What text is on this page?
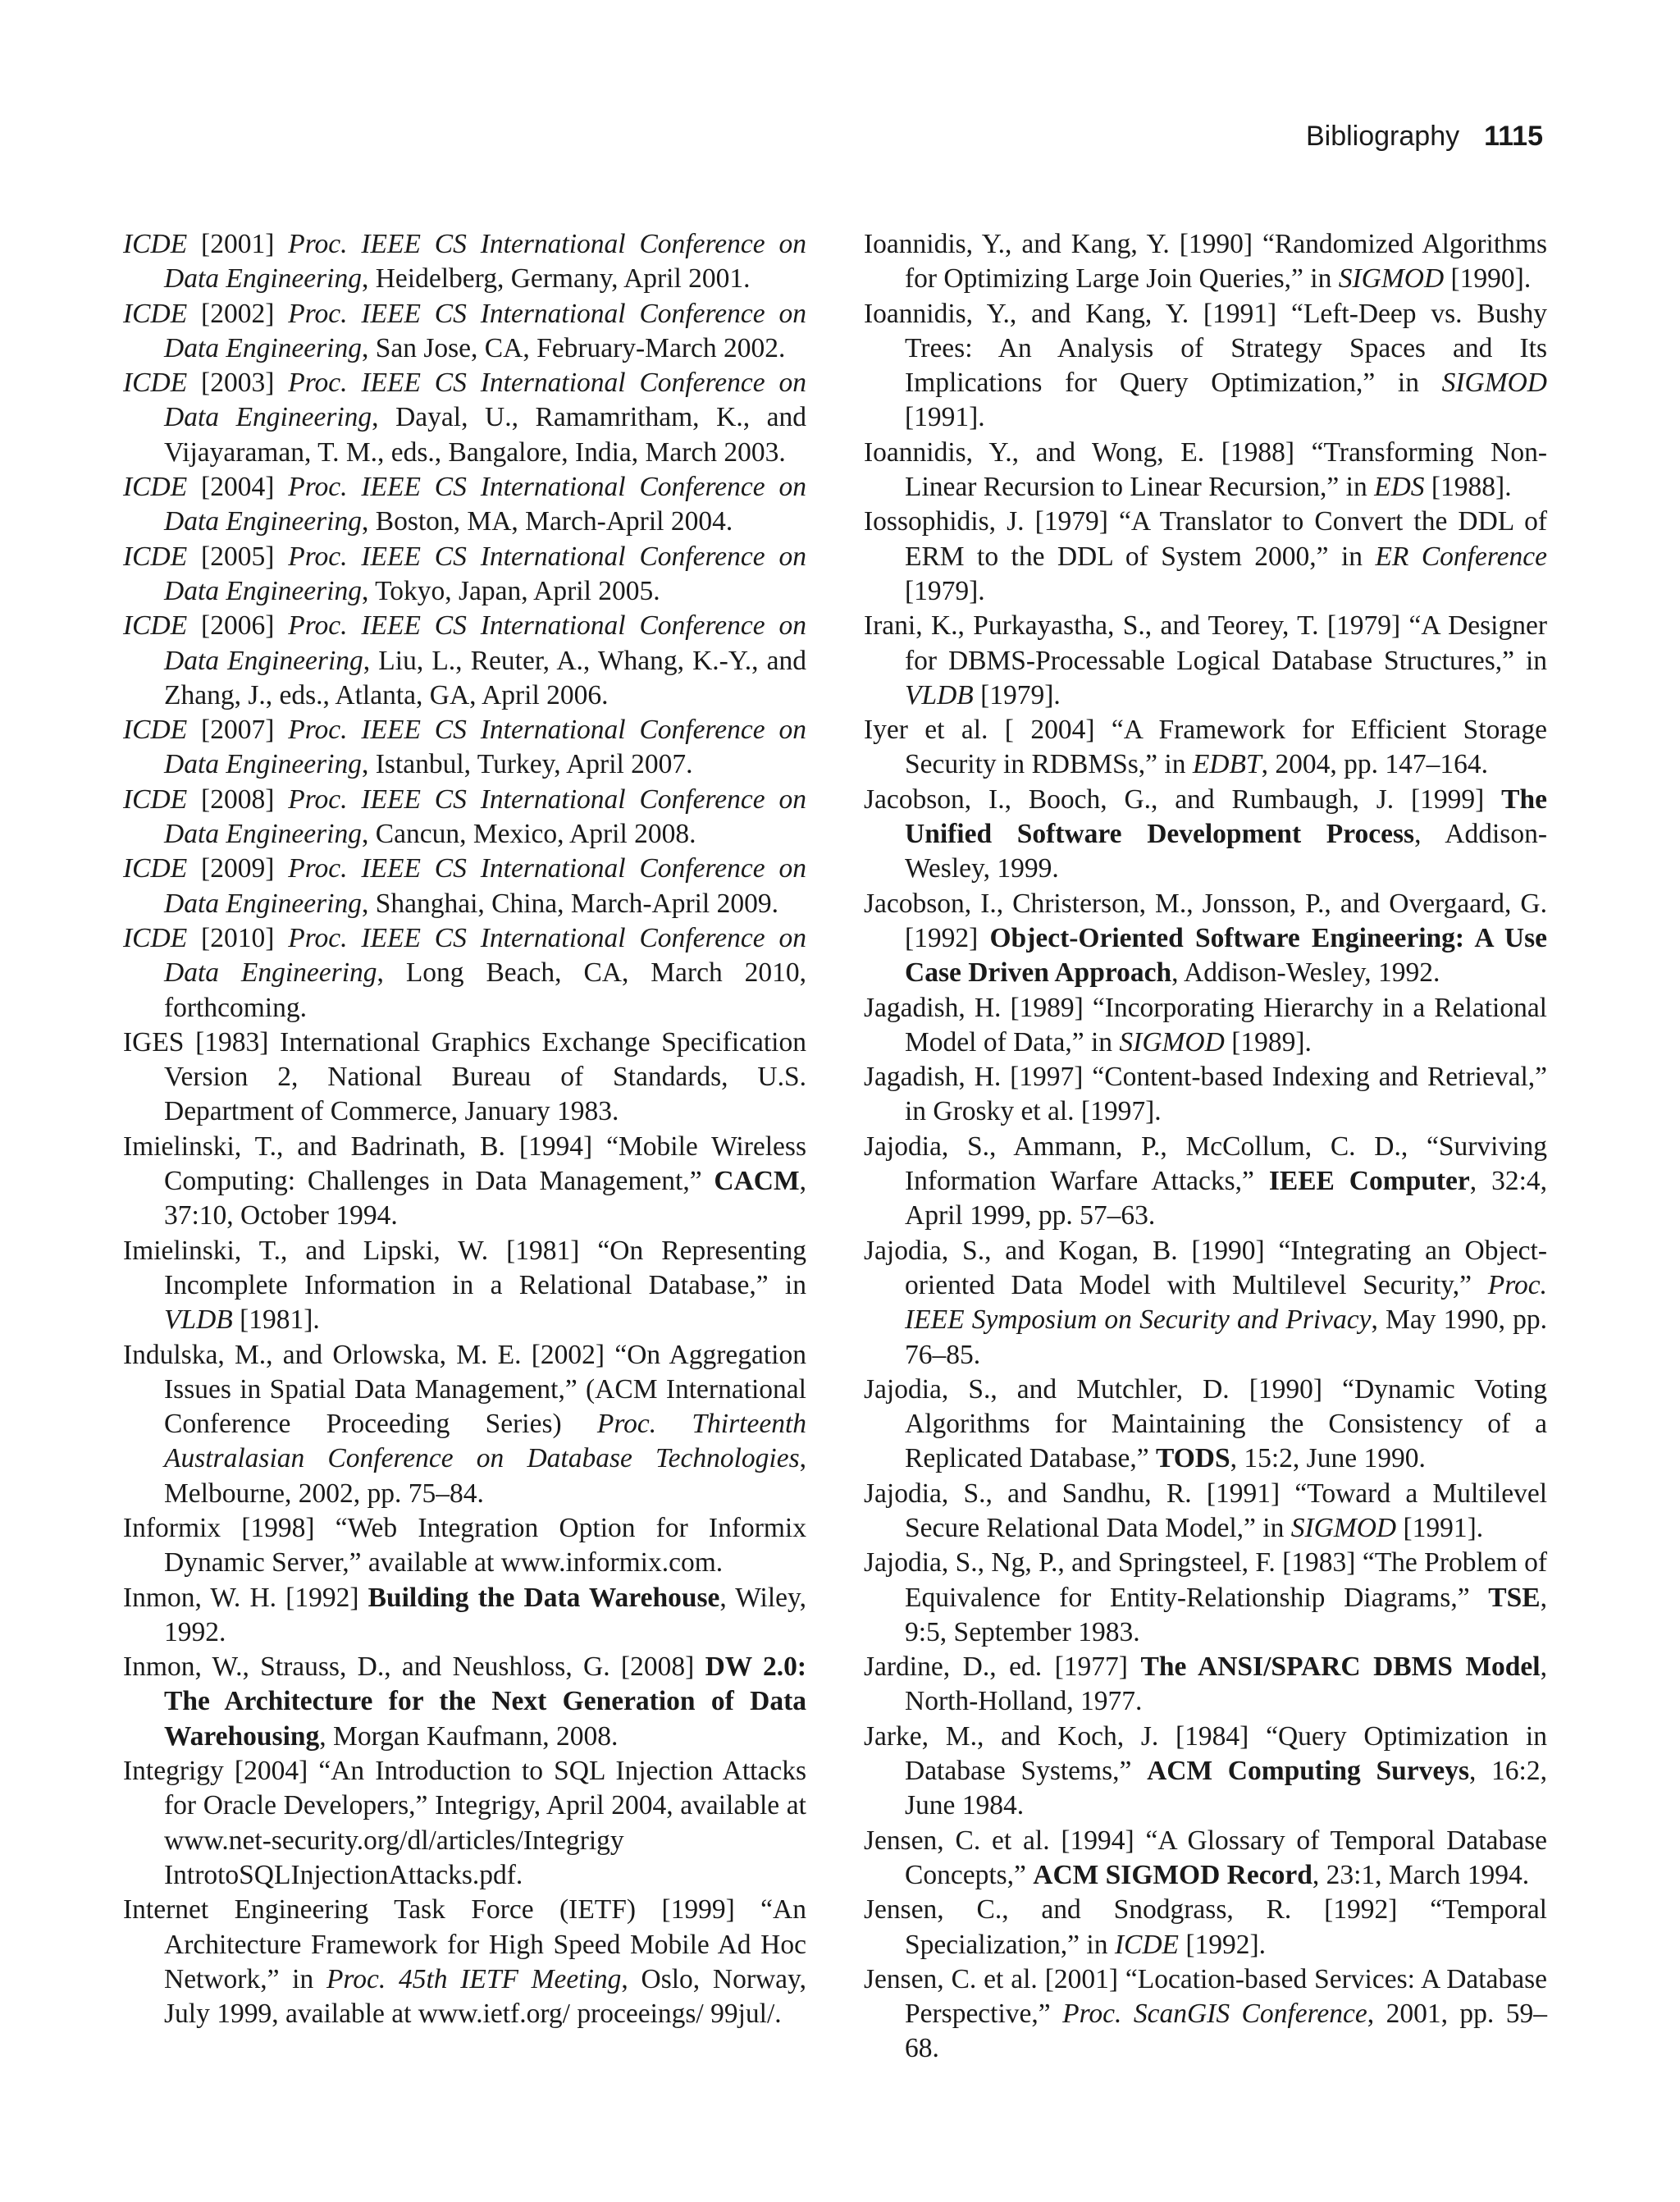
Bibliography 1115

ICDE [2001] Proc. IEEE CS International Conference on Data Engineering, Heidelberg, Germany, April 2001.

ICDE [2002] Proc. IEEE CS International Conference on Data Engineering, San Jose, CA, February-March 2002.

ICDE [2003] Proc. IEEE CS International Conference on Data Engineering, Dayal, U., Ramamritham, K., and Vijayaraman, T. M., eds., Bangalore, India, March 2003.

ICDE [2004] Proc. IEEE CS International Conference on Data Engineering, Boston, MA, March-April 2004.

ICDE [2005] Proc. IEEE CS International Conference on Data Engineering, Tokyo, Japan, April 2005.

ICDE [2006] Proc. IEEE CS International Conference on Data Engineering, Liu, L., Reuter, A., Whang, K.-Y., and Zhang, J., eds., Atlanta, GA, April 2006.

ICDE [2007] Proc. IEEE CS International Conference on Data Engineering, Istanbul, Turkey, April 2007.

ICDE [2008] Proc. IEEE CS International Conference on Data Engineering, Cancun, Mexico, April 2008.

ICDE [2009] Proc. IEEE CS International Conference on Data Engineering, Shanghai, China, March-April 2009.

ICDE [2010] Proc. IEEE CS International Conference on Data Engineering, Long Beach, CA, March 2010, forthcoming.

IGES [1983] International Graphics Exchange Specification Version 2, National Bureau of Standards, U.S. Department of Commerce, January 1983.

Imielinski, T., and Badrinath, B. [1994] “Mobile Wireless Computing: Challenges in Data Management,” CACM, 37:10, October 1994.

Imielinski, T., and Lipski, W. [1981] “On Representing Incomplete Information in a Relational Database,” in VLDB [1981].

Indulska, M., and Orlowska, M. E. [2002] “On Aggregation Issues in Spatial Data Management,” (ACM International Conference Proceeding Series) Proc. Thirteenth Australasian Conference on Database Technologies, Melbourne, 2002, pp. 75–84.

Informix [1998] “Web Integration Option for Informix Dynamic Server,” available at www.informix.com.

Inmon, W. H. [1992] Building the Data Warehouse, Wiley, 1992.

Inmon, W., Strauss, D., and Neushloss, G. [2008] DW 2.0: The Architecture for the Next Generation of Data Warehousing, Morgan Kaufmann, 2008.

Integrigy [2004] “An Introduction to SQL Injection Attacks for Oracle Developers,” Integrigy, April 2004, available at www.net-security.org/dl/articles/Integrigy IntrotoSQLInjectionAttacks.pdf.

Internet Engineering Task Force (IETF) [1999] “An Architecture Framework for High Speed Mobile Ad Hoc Network,” in Proc. 45th IETF Meeting, Oslo, Norway, July 1999, available at www.ietf.org/ proceeings/ 99jul/.

Ioannidis, Y., and Kang, Y. [1990] “Randomized Algorithms for Optimizing Large Join Queries,” in SIGMOD [1990].

Ioannidis, Y., and Kang, Y. [1991] “Left-Deep vs. Bushy Trees: An Analysis of Strategy Spaces and Its Implications for Query Optimization,” in SIGMOD [1991].

Ioannidis, Y., and Wong, E. [1988] “Transforming Non-Linear Recursion to Linear Recursion,” in EDS [1988].

Iossophidis, J. [1979] “A Translator to Convert the DDL of ERM to the DDL of System 2000,” in ER Conference [1979].

Irani, K., Purkayastha, S., and Teorey, T. [1979] “A Designer for DBMS-Processable Logical Database Structures,” in VLDB [1979].

Iyer et al. [ 2004] “A Framework for Efficient Storage Security in RDBMSs,” in EDBT, 2004, pp. 147–164.

Jacobson, I., Booch, G., and Rumbaugh, J. [1999] The Unified Software Development Process, Addison-Wesley, 1999.

Jacobson, I., Christerson, M., Jonsson, P., and Overgaard, G. [1992] Object-Oriented Software Engineering: A Use Case Driven Approach, Addison-Wesley, 1992.

Jagadish, H. [1989] “Incorporating Hierarchy in a Relational Model of Data,” in SIGMOD [1989].

Jagadish, H. [1997] “Content-based Indexing and Retrieval,” in Grosky et al. [1997].

Jajodia, S., Ammann, P., McCollum, C. D., “Surviving Information Warfare Attacks,” IEEE Computer, 32:4, April 1999, pp. 57–63.

Jajodia, S., and Kogan, B. [1990] “Integrating an Object-oriented Data Model with Multilevel Security,” Proc. IEEE Symposium on Security and Privacy, May 1990, pp. 76–85.

Jajodia, S., and Mutchler, D. [1990] “Dynamic Voting Algorithms for Maintaining the Consistency of a Replicated Database,” TODS, 15:2, June 1990.

Jajodia, S., and Sandhu, R. [1991] “Toward a Multilevel Secure Relational Data Model,” in SIGMOD [1991].

Jajodia, S., Ng, P., and Springsteel, F. [1983] “The Problem of Equivalence for Entity-Relationship Diagrams,” TSE, 9:5, September 1983.

Jardine, D., ed. [1977] The ANSI/SPARC DBMS Model, North-Holland, 1977.

Jarke, M., and Koch, J. [1984] “Query Optimization in Database Systems,” ACM Computing Surveys, 16:2, June 1984.

Jensen, C. et al. [1994] “A Glossary of Temporal Database Concepts,” ACM SIGMOD Record, 23:1, March 1994.

Jensen, C., and Snodgrass, R. [1992] “Temporal Specialization,” in ICDE [1992].

Jensen, C. et al. [2001] “Location-based Services: A Database Perspective,” Proc. ScanGIS Conference, 2001, pp. 59–68.
